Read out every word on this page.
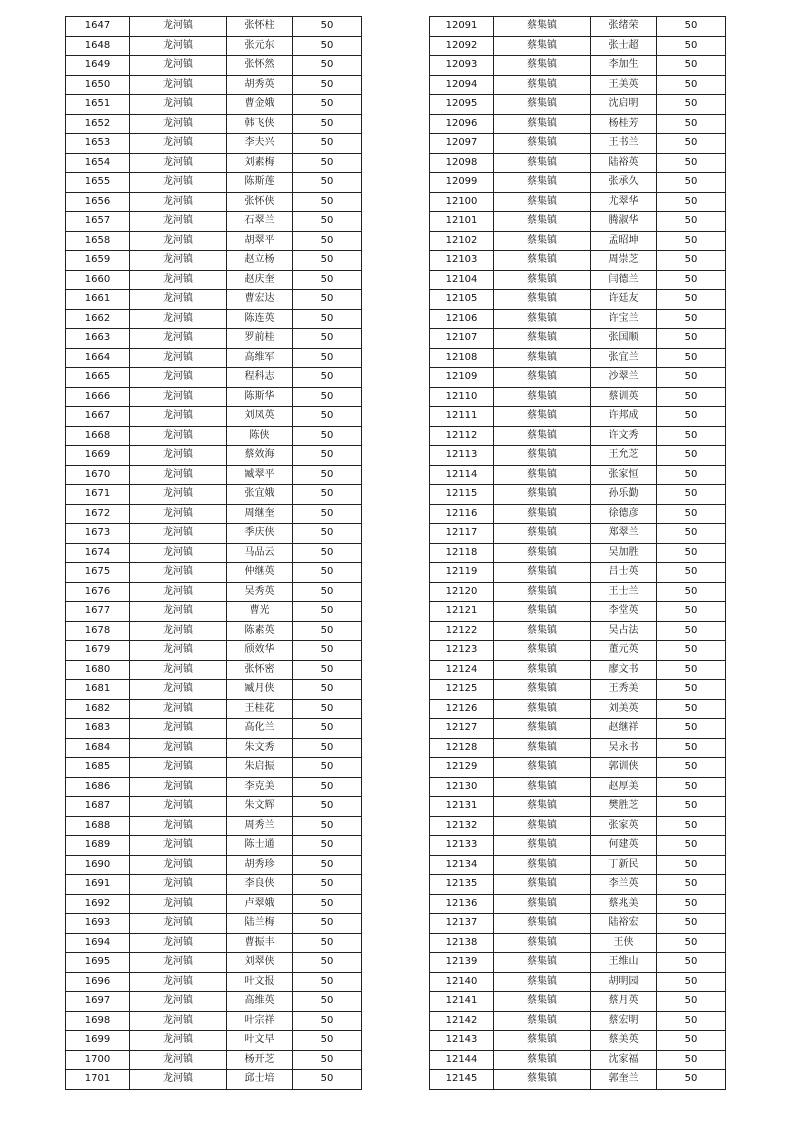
1647	龙河镇	张怀柱	50
1648	龙河镇	张元东	50
1649	龙河镇	张怀然	50
1650	龙河镇	胡秀英	50
1651	龙河镇	曹金娥	50
1652	龙河镇	韩飞侠	50
1653	龙河镇	李夫兴	50
1654	龙河镇	刘素梅	50
1655	龙河镇	陈斯莲	50
1656	龙河镇	张怀侠	50
1657	龙河镇	石翠兰	50
1658	龙河镇	胡翠平	50
1659	龙河镇	赵立杨	50
1660	龙河镇	赵庆奎	50
1661	龙河镇	曹宏达	50
1662	龙河镇	陈连英	50
1663	龙河镇	罗前桂	50
1664	龙河镇	高维军	50
1665	龙河镇	程科志	50
1666	龙河镇	陈斯华	50
1667	龙河镇	刘凤英	50
1668	龙河镇	陈侠	50
1669	龙河镇	蔡效海	50
1670	龙河镇	臧翠平	50
1671	龙河镇	张宜娥	50
1672	龙河镇	周继奎	50
1673	龙河镇	季庆侠	50
1674	龙河镇	马品云	50
1675	龙河镇	仲继英	50
1676	龙河镇	吴秀英	50
1677	龙河镇	曹光	50
1678	龙河镇	陈素英	50
1679	龙河镇	颀效华	50
1680	龙河镇	张怀密	50
1681	龙河镇	臧月侠	50
1682	龙河镇	王桂花	50
1683	龙河镇	高化兰	50
1684	龙河镇	朱文秀	50
1685	龙河镇	朱启振	50
1686	龙河镇	李克美	50
1687	龙河镇	朱文辉	50
1688	龙河镇	周秀兰	50
1689	龙河镇	陈士通	50
1690	龙河镇	胡秀珍	50
1691	龙河镇	李良侠	50
1692	龙河镇	卢翠娥	50
1693	龙河镇	陆兰梅	50
1694	龙河镇	曹振丰	50
1695	龙河镇	刘翠侠	50
1696	龙河镇	叶文报	50
1697	龙河镇	高维英	50
1698	龙河镇	叶宗祥	50
1699	龙河镇	叶文早	50
1700	龙河镇	杨开芝	50
1701	龙河镇	邱士培	50
12091	蔡集镇	张绪荣	50
12092	蔡集镇	张士超	50
12093	蔡集镇	李加生	50
12094	蔡集镇	王美英	50
12095	蔡集镇	沈启明	50
12096	蔡集镇	杨桂芳	50
12097	蔡集镇	王书兰	50
12098	蔡集镇	陆裕英	50
12099	蔡集镇	张承久	50
12100	蔡集镇	尤翠华	50
12101	蔡集镇	腾淑华	50
12102	蔡集镇	孟昭坤	50
12103	蔡集镇	周崇芝	50
12104	蔡集镇	闫德兰	50
12105	蔡集镇	许廷友	50
12106	蔡集镇	许宝兰	50
12107	蔡集镇	张国顺	50
12108	蔡集镇	张宜兰	50
12109	蔡集镇	沙翠兰	50
12110	蔡集镇	蔡训英	50
12111	蔡集镇	许邦成	50
12112	蔡集镇	许文秀	50
12113	蔡集镇	王允芝	50
12114	蔡集镇	张家恒	50
12115	蔡集镇	孙乐勤	50
12116	蔡集镇	徐德彦	50
12117	蔡集镇	郑翠兰	50
12118	蔡集镇	吴加胜	50
12119	蔡集镇	吕士英	50
12120	蔡集镇	王士兰	50
12121	蔡集镇	李堂英	50
12122	蔡集镇	吴占法	50
12123	蔡集镇	董元英	50
12124	蔡集镇	廖文书	50
12125	蔡集镇	王秀美	50
12126	蔡集镇	刘美英	50
12127	蔡集镇	赵继祥	50
12128	蔡集镇	吴永书	50
12129	蔡集镇	郭训侠	50
12130	蔡集镇	赵厚美	50
12131	蔡集镇	樊胜芝	50
12132	蔡集镇	张家英	50
12133	蔡集镇	何建英	50
12134	蔡集镇	丁新民	50
12135	蔡集镇	李兰英	50
12136	蔡集镇	蔡兆美	50
12137	蔡集镇	陆裕宏	50
12138	蔡集镇	王侠	50
12139	蔡集镇	王维山	50
12140	蔡集镇	胡明园	50
12141	蔡集镇	蔡月英	50
12142	蔡集镇	蔡宏明	50
12143	蔡集镇	蔡美英	50
12144	蔡集镇	沈家福	50
12145	蔡集镇	郭奎兰	50
